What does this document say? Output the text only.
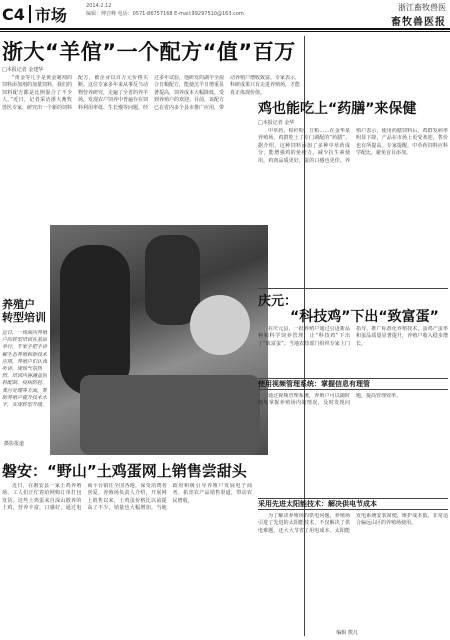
C4 市场	2014.2.12
编辑：傅岩峰 电话：0571-86757168 E-mail:99297510@163.com
浙江畜牧兽医
畜牧兽医报
浙大“羊倌”一个配方“值”百万
□本报记者 金建华

“黄金等几乎是黄金制剂的饲料添加剂的加量饲料，我们的饲料配方都是比例混合了不少人。”近日，记者采访浙大畜牧兽医专家，研究出一个新的饲料配方，被企业以百万元价格买断。这位专家多年来从事反刍动物营养研究，走遍了全省的养羊场，发现农户饲养中普遍存在饲料利用率低、生长慢等问题。经过多年试验，他研发的湖羊全混合日粮配方，能使羔羊日增重显著提高，饲养成本大幅降低，受到养殖户的欢迎。目前，该配方已在省内多个县市推广应用，带动养殖户增收致富。专家表示，科研成果只有走进养殖场，才能真正体现价值。

养殖户
转型培训
近日，一场面向养殖户的转型培训在基层举行，专家手把手讲解生态养殖和新技术应用，养殖户们认真听讲，现场气氛热烈。培训内容涵盖饲料配制、疫病防控、粪污处理等方面，帮助养殖户提升技术水平，实现转型升级。
摄影报道
鸡也能吃上“药膳”来保健
□本报记者 金华

中草药、秸秆粉、豆粕……在金华某养殖场，鸡群吃上了专门调配的“药膳”。据介绍，这种饲料添加了多种中草药成分，能增强鸡的免疫力，减少抗生素使用，鸡肉品质更好，蛋的口感也更佳。养殖户表示，使用药膳饲料后，鸡群发病率明显下降，产品在市场上更受欢迎，售价也有所提高。专家提醒，中草药饲料应科学配比，避免盲目添加。

庆元：
“科技鸡”下出“致富蛋”

在庆元县，一批养殖户通过引进新品种和科学饲养管理，让“科技鸡”下出了“致富蛋”。当地农技部门组织专家上门指导，推广标准化养殖技术，蛋鸡产蛋率和蛋品质量显著提升，养殖户收入稳步增长。

使用视频管理系统：掌握信息有理管

通过视频管理系统，养殖户可以随时随地掌握养殖场内的情况，及时发现问题，提高管理效率。

采用先进太阳能技术：解决供电节成本

为了解决养殖场的供电问题，养殖场引进了先进的太阳能技术，不仅解决了供电难题，还大大节省了用电成本。太阳能发电系统安装简便，维护成本低，非常适合偏远山区的养殖场使用。

磐安：“野山”土鸡蛋网上销售尝甜头

近日，在磐安县一家土鸡养殖场，工人们正忙着给网购订单打包发货。这些土鸡蛋来自深山散养的土鸡，营养丰富，口感好，通过电商平台销往全国各地，深受消费者喜爱。养殖场负责人介绍，开展网上销售以来，土鸡蛋价格比以前提高了不少，销量也大幅增加。当地政府积极引导养殖户发展电子商务，拓宽农产品销售渠道，带动农民增收。

编辑 熊凡
